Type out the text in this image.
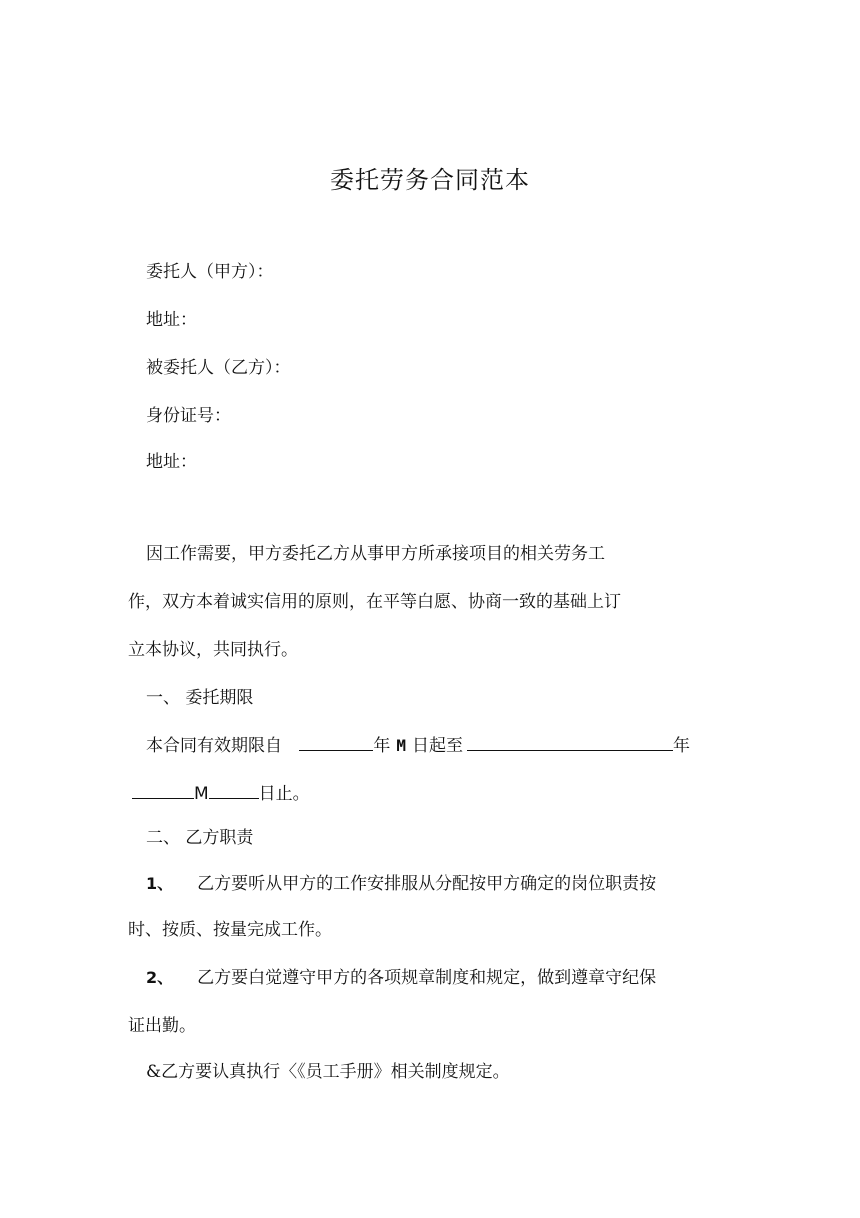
委托劳务合同范本
委托人（甲方）：
地址：
被委托人（乙方）：
身份证号：
地址：
因工作需要，甲方委托乙方从事甲方所承接项目的相关劳务工
作，双方本着诚实信用的原则，在平等白愿、协商一致的基础上订
立本协议，共同执行。
一、 委托期限
本合同有效期限自	年 M 日起至	年
M	日止。
二、 乙方职责
1、 乙方要听从甲方的工作安排服从分配按甲方确定的岗位职责按
时、按质、按量完成工作。
2、 乙方要白觉遵守甲方的各项规章制度和规定，做到遵章守纪保
证出勤。
&乙方要认真执行〈《员工手册》相关制度规定。
